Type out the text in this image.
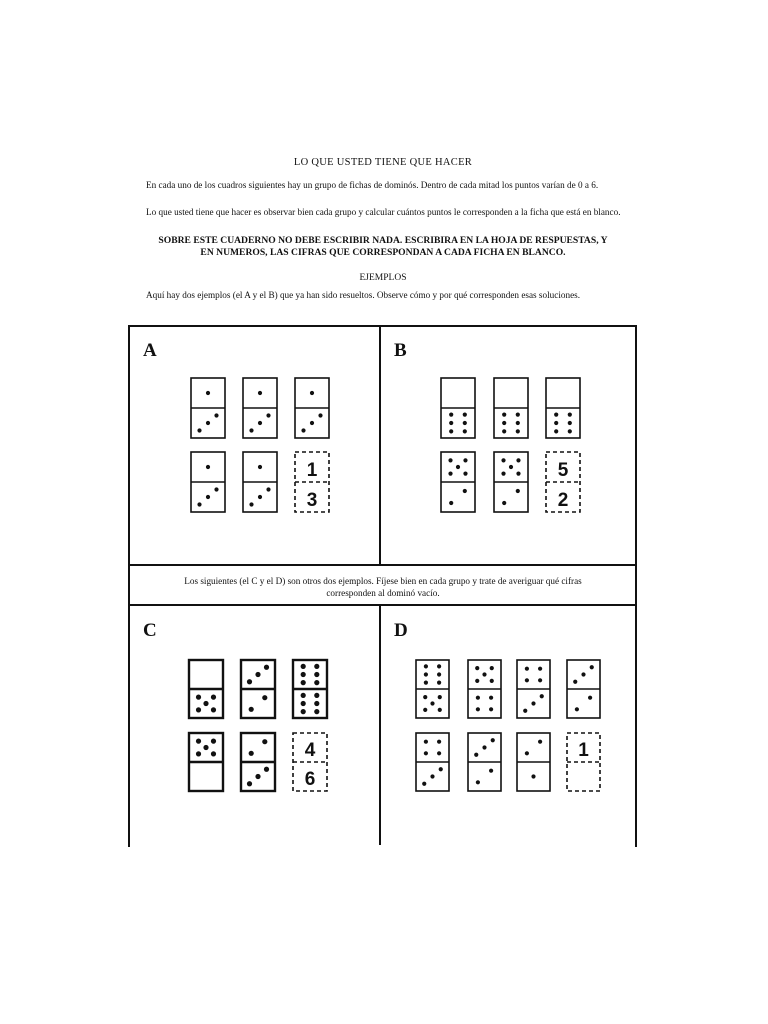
LO QUE USTED TIENE QUE HACER
En cada uno de los cuadros siguientes hay un grupo de fichas de dominós. Dentro de cada mitad los puntos varían de 0 a 6.
Lo que usted tiene que hacer es observar bien cada grupo y calcular cuántos puntos le corresponden a la ficha que está en blanco.
SOBRE ESTE CUADERNO NO DEBE ESCRIBIR NADA. ESCRIBIRA EN LA HOJA DE RESPUESTAS, Y
EN NUMEROS, LAS CIFRAS QUE CORRESPONDAN A CADA FICHA EN BLANCO.
EJEMPLOS
Aquí hay dos ejemplos (el A y el B) que ya han sido resueltos. Observe cómo y por qué corresponden esas soluciones.
Los siguientes (el C y el D) son otros dos ejemplos. Fíjese bien en cada grupo y trate de averiguar qué cifras
corresponden al dominó vacío.
A	B
C	D
1
3
5
2
4
6
1
